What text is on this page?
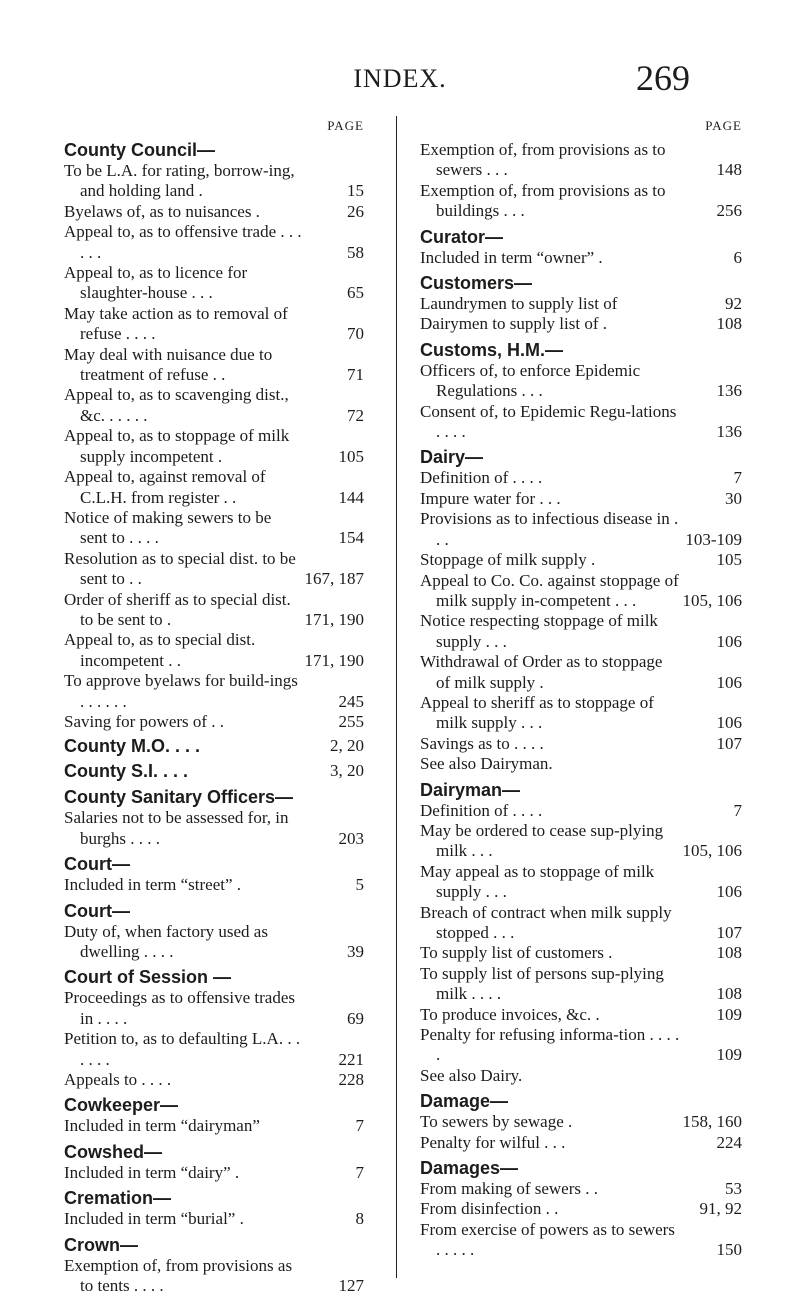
INDEX.	269
PAGE
County Council—
To be L.A. for rating, borrow-ing, and holding land .	15
Byelaws of, as to nuisances .	26
Appeal to, as to offensive trade . . . . . .	58
Appeal to, as to licence for slaughter-house . . .	65
May take action as to removal of refuse . . . .	70
May deal with nuisance due to treatment of refuse . .	71
Appeal to, as to scavenging dist., &c. . . . . .	72
Appeal to, as to stoppage of milk supply incompetent .	105
Appeal to, against removal of C.L.H. from register . .	144
Notice of making sewers to be sent to . . . .	154
Resolution as to special dist. to be sent to . .	167, 187
Order of sheriff as to special dist. to be sent to .	171, 190
Appeal to, as to special dist. incompetent . .	171, 190
To approve byelaws for build-ings . . . . . .	245
Saving for powers of . .	255
County M.O. . . .	2, 20
County S.I. . . .	3, 20
County Sanitary Officers—
Salaries not to be assessed for, in burghs . . . .	203
Court—
Included in term “street” .	5
Court—
Duty of, when factory used as dwelling . . . .	39
Court of Session —
Proceedings as to offensive trades in . . . .	69
Petition to, as to defaulting L.A. . . . . . .	221
Appeals to . . . .	228
Cowkeeper—
Included in term “dairyman”	7
Cowshed—
Included in term “dairy” .	7
Cremation—
Included in term “burial” .	8
Crown—
Exemption of, from provisions as to tents . . . .	127
PAGE
Exemption of, from provisions as to sewers . . .	148
Exemption of, from provisions as to buildings . . .	256
Curator—
Included in term “owner” .	6
Customers—
Laundrymen to supply list of	92
Dairymen to supply list of .	108
Customs, H.M.—
Officers of, to enforce Epidemic Regulations . . .	136
Consent of, to Epidemic Regu-lations . . . .	136
Dairy—
Definition of . . . .	7
Impure water for . . .	30
Provisions as to infectious disease in . . .	103-109
Stoppage of milk supply .	105
Appeal to Co. Co. against stoppage of milk supply in-competent . . .	105, 106
Notice respecting stoppage of milk supply . . .	106
Withdrawal of Order as to stoppage of milk supply .	106
Appeal to sheriff as to stoppage of milk supply . . .	106
Savings as to . . . .	107
See also Dairyman.
Dairyman—
Definition of . . . .	7
May be ordered to cease sup-plying milk . . .	105, 106
May appeal as to stoppage of milk supply . . .	106
Breach of contract when milk supply stopped . . .	107
To supply list of customers .	108
To supply list of persons sup-plying milk . . . .	108
To produce invoices, &c. .	109
Penalty for refusing informa-tion . . . . .	109
See also Dairy.
Damage—
To sewers by sewage .	158, 160
Penalty for wilful . . .	224
Damages—
From making of sewers . .	53
From disinfection . .	91, 92
From exercise of powers as to sewers . . . . .	150
